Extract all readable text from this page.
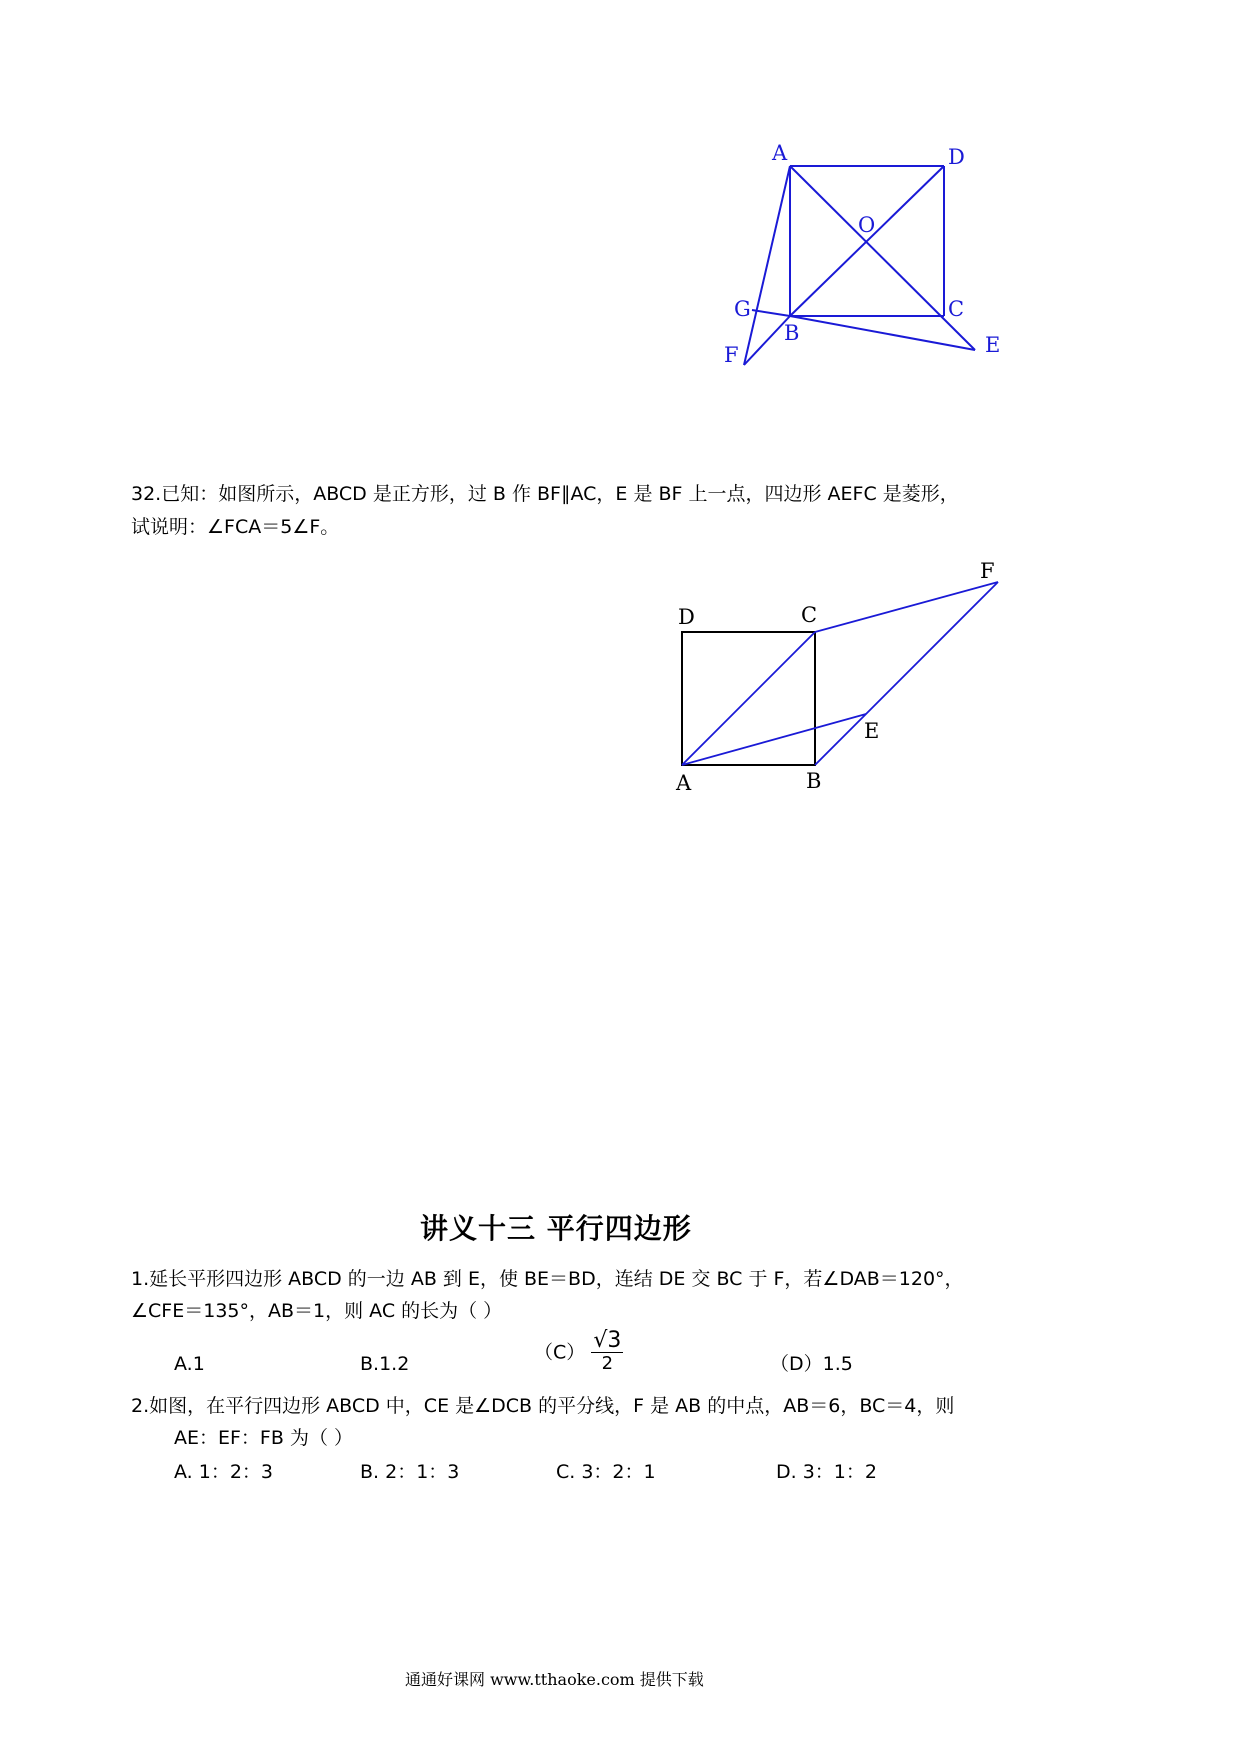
A	D
O
G	C
B	E
F
32.已知：如图所示，ABCD 是正方形，过 B 作 BF∥AC，E 是 BF 上一点，四边形 AEFC 是菱形，
试说明：∠FCA＝5∠F。
D	C
F
E
A	B
讲义十三 平行四边形
1.延长平形四边形 ABCD 的一边 AB 到 E，使 BE＝BD，连结 DE 交 BC 于 F，若∠DAB＝120°，
∠CFE＝135°，AB＝1，则 AC 的长为（ ）
A.1	B.1.2
$(C) \frac{√3}{2}$	（D）1.5
2.如图，在平行四边形 ABCD 中，CE 是∠DCB 的平分线，F 是 AB 的中点，AB＝6，BC＝4，则
AE：EF：FB 为（ ）
A. 1：2：3	B. 2：1：3	C. 3：2：1	D. 3：1：2
通通好课网 www.tthaoke.com 提供下载
